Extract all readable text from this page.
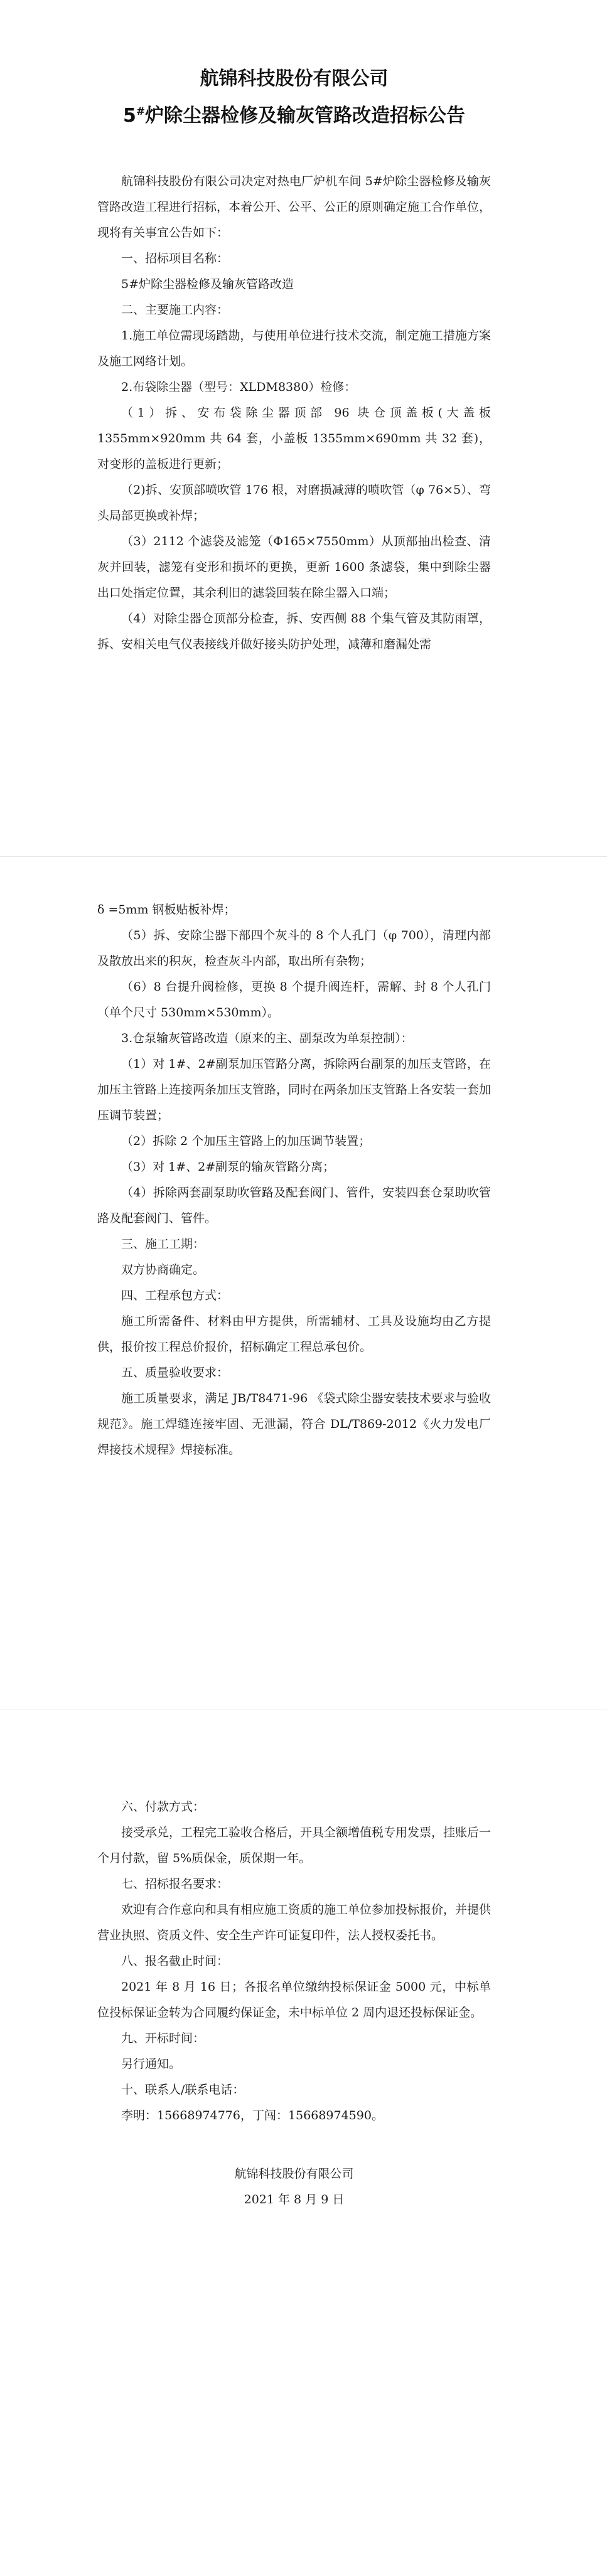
航锦科技股份有限公司
5#炉除尘器检修及输灰管路改造招标公告

航锦科技股份有限公司决定对热电厂炉机车间 5#炉除尘器检修及输灰管路改造工程进行招标，本着公开、公平、公正的原则确定施工合作单位，现将有关事宜公告如下：

一、招标项目名称：

5#炉除尘器检修及输灰管路改造

二、主要施工内容：

1.施工单位需现场踏勘，与使用单位进行技术交流，制定施工措施方案及施工网络计划。

2.布袋除尘器（型号：XLDM8380）检修：

（1）拆、安布袋除尘器顶部 96 块仓顶盖板(大盖板 1355mm×920mm 共 64 套，小盖板 1355mm×690mm 共 32 套)，对变形的盖板进行更新；

（2)拆、安顶部喷吹管 176 根，对磨损减薄的喷吹管（φ 76×5）、弯头局部更换或补焊；

（3）2112 个滤袋及滤笼（Φ165×7550mm）从顶部抽出检查、清灰并回装，滤笼有变形和损坏的更换，更新 1600 条滤袋，集中到除尘器出口处指定位置，其余利旧的滤袋回装在除尘器入口端；

（4）对除尘器仓顶部分检查，拆、安西侧 88 个集气管及其防雨罩，拆、安相关电气仪表接线并做好接头防护处理，减薄和磨漏处需

δ =5mm 钢板贴板补焊；

（5）拆、安除尘器下部四个灰斗的 8 个人孔门（φ 700），清理内部及散放出来的积灰，检查灰斗内部，取出所有杂物；

（6）8 台提升阀检修，更换 8 个提升阀连杆，需解、封 8 个人孔门（单个尺寸 530mm×530mm）。

3.仓泵输灰管路改造（原来的主、副泵改为单泵控制）：

（1）对 1#、2#副泵加压管路分离，拆除两台副泵的加压支管路，在加压主管路上连接两条加压支管路，同时在两条加压支管路上各安装一套加压调节装置；

（2）拆除 2 个加压主管路上的加压调节装置；

（3）对 1#、2#副泵的输灰管路分离；

（4）拆除两套副泵助吹管路及配套阀门、管件，安装四套仓泵助吹管路及配套阀门、管件。

三、施工工期：

双方协商确定。

四、工程承包方式：

施工所需备件、材料由甲方提供，所需辅材、工具及设施均由乙方提供，报价按工程总价报价，招标确定工程总承包价。

五、质量验收要求：

施工质量要求，满足 JB/T8471-96 《袋式除尘器安装技术要求与验收规范》。施工焊缝连接牢固、无泄漏，符合 DL/T869-2012《火力发电厂焊接技术规程》焊接标准。

六、付款方式：

接受承兑，工程完工验收合格后，开具全额增值税专用发票，挂账后一个月付款，留 5%质保金，质保期一年。

七、招标报名要求：

欢迎有合作意向和具有相应施工资质的施工单位参加投标报价，并提供营业执照、资质文件、安全生产许可证复印件，法人授权委托书。

八、报名截止时间：

2021 年 8 月 16 日；各报名单位缴纳投标保证金 5000 元，中标单位投标保证金转为合同履约保证金，未中标单位 2 周内退还投标保证金。

九、开标时间：

另行通知。

十、联系人/联系电话：

李明：15668974776，丁闯：15668974590。

航锦科技股份有限公司

2021 年 8 月 9 日
